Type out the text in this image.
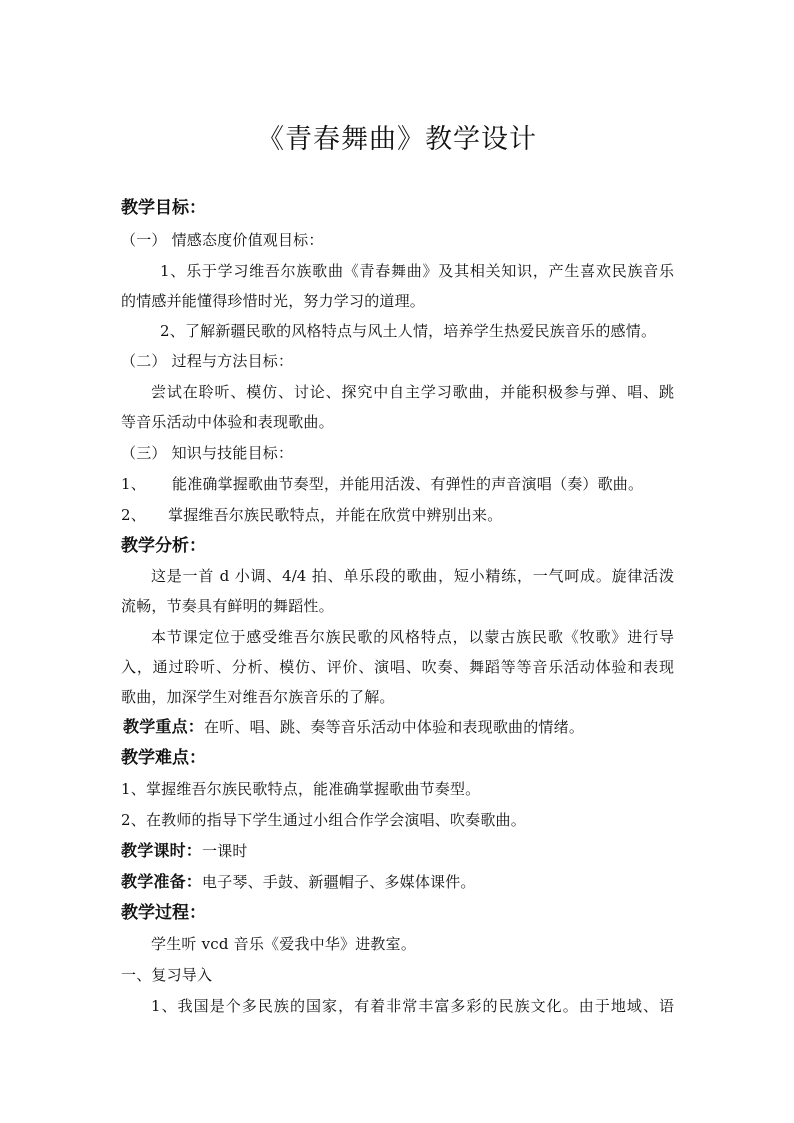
《青春舞曲》教学设计
教学目标：
（一） 情感态度价值观目标：
1、乐于学习维吾尔族歌曲《青春舞曲》及其相关知识，产生喜欢民族音乐
的情感并能懂得珍惜时光，努力学习的道理。
2、了解新疆民歌的风格特点与风土人情，培养学生热爱民族音乐的感情。
（二） 过程与方法目标：
尝试在聆听、模仿、讨论、探究中自主学习歌曲，并能积极参与弹、唱、跳
等音乐活动中体验和表现歌曲。
（三） 知识与技能目标：
1、 能准确掌握歌曲节奏型，并能用活泼、有弹性的声音演唱（奏）歌曲。
2、 掌握维吾尔族民歌特点，并能在欣赏中辨别出来。
教学分析：
这是一首 d 小调、4/4 拍、单乐段的歌曲，短小精练，一气呵成。旋律活泼
流畅，节奏具有鲜明的舞蹈性。
本节课定位于感受维吾尔族民歌的风格特点，以蒙古族民歌《牧歌》进行导
入，通过聆听、分析、模仿、评价、演唱、吹奏、舞蹈等等音乐活动体验和表现
歌曲，加深学生对维吾尔族音乐的了解。
教学重点：在听、唱、跳、奏等音乐活动中体验和表现歌曲的情绪。
教学难点：
1、掌握维吾尔族民歌特点，能准确掌握歌曲节奏型。
2、在教师的指导下学生通过小组合作学会演唱、吹奏歌曲。
教学课时：一课时
教学准备：电子琴、手鼓、新疆帽子、多媒体课件。
教学过程：
学生听 vcd 音乐《爱我中华》进教室。
一、复习导入
1、我国是个多民族的国家，有着非常丰富多彩的民族文化。由于地域、语
